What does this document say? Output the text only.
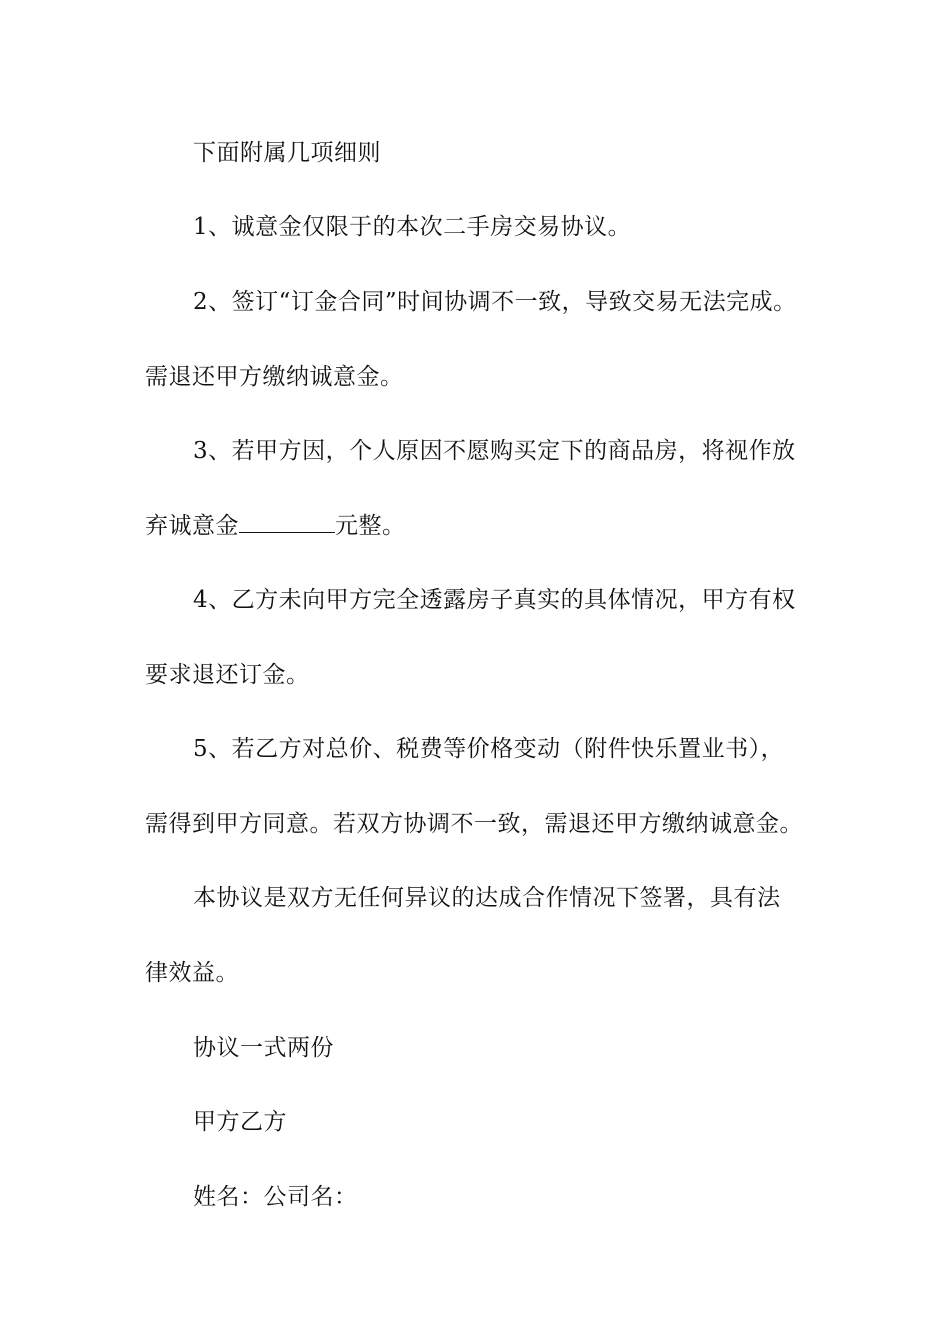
下面附属几项细则
1、诚意金仅限于的本次二手房交易协议。
2、签订“订金合同”时间协调不一致，导致交易无法完成。
需退还甲方缴纳诚意金。
3、若甲方因，个人原因不愿购买定下的商品房，将视作放
弃诚意金	元整。
4、乙方未向甲方完全透露房子真实的具体情况，甲方有权
要求退还订金。
5、若乙方对总价、税费等价格变动（附件快乐置业书），
需得到甲方同意。若双方协调不一致，需退还甲方缴纳诚意金。
本协议是双方无任何异议的达成合作情况下签署，具有法
律效益。
协议一式两份
甲方乙方
姓名：公司名：
